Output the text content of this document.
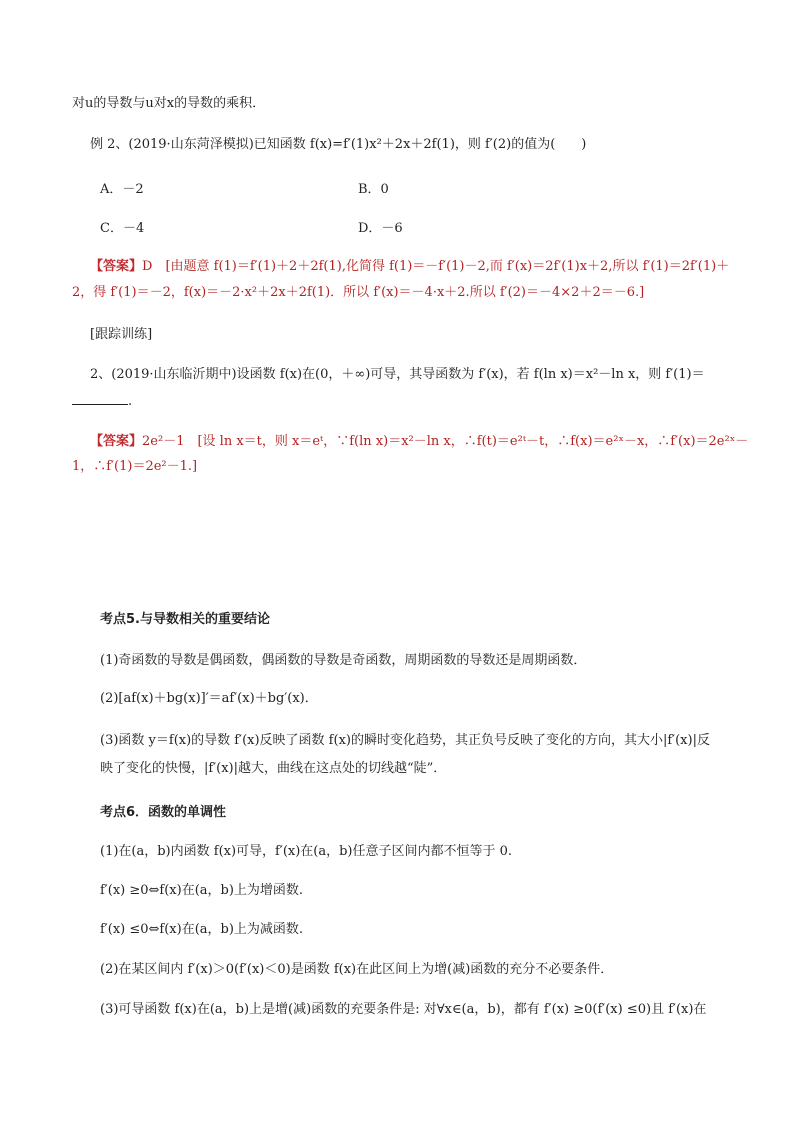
对u的导数与u对x的导数的乘积．
例 2、(2019·山东菏泽模拟)已知函数 f(x)=f′(1)x²＋2x＋2f(1)，则 f′(2)的值为(　　)
A．－2	B．0
C．－4	D．－6
【答案】D　[由题意 f(1)＝f′(1)＋2＋2f(1),化简得 f(1)＝－f′(1)－2,而 f′(x)＝2f′(1)x＋2,所以 f′(1)＝2f′(1)＋
2，得 f′(1)＝－2，f(x)＝－2·x²＋2x＋2f(1)．所以 f′(x)＝－4·x＋2.所以 f′(2)＝－4×2＋2＝－6.]
[跟踪训练]
2、(2019·山东临沂期中)设函数 f(x)在(0，＋∞)可导，其导函数为 f′(x)，若 f(ln x)＝x²－ln x，则 f′(1)＝
.
【答案】2e²－1　[设 ln x＝t，则 x＝eᵗ，∵f(ln x)＝x²－ln x，∴f(t)＝e²ᵗ－t，∴f(x)＝e²ˣ－x，∴f′(x)＝2e²ˣ－
1，∴f′(1)＝2e²－1.]
考点5.与导数相关的重要结论
(1)奇函数的导数是偶函数，偶函数的导数是奇函数，周期函数的导数还是周期函数．
(2)[af(x)＋bg(x)]′＝af′(x)＋bg′(x)．
(3)函数 y＝f(x)的导数 f′(x)反映了函数 f(x)的瞬时变化趋势，其正负号反映了变化的方向，其大小|f′(x)|反
映了变化的快慢，|f′(x)|越大，曲线在这点处的切线越“陡”．
考点6．函数的单调性
(1)在(a，b)内函数 f(x)可导，f′(x)在(a，b)任意子区间内都不恒等于 0.
f′(x) ≥0⇔f(x)在(a，b)上为增函数.
f′(x) ≤0⇔f(x)在(a，b)上为减函数.
(2)在某区间内 f′(x)＞0(f′(x)＜0)是函数 f(x)在此区间上为增(减)函数的充分不必要条件．
(3)可导函数 f(x)在(a，b)上是增(减)函数的充要条件是: 对∀x∈(a，b)，都有 f′(x) ≥0(f′(x) ≤0)且 f′(x)在
